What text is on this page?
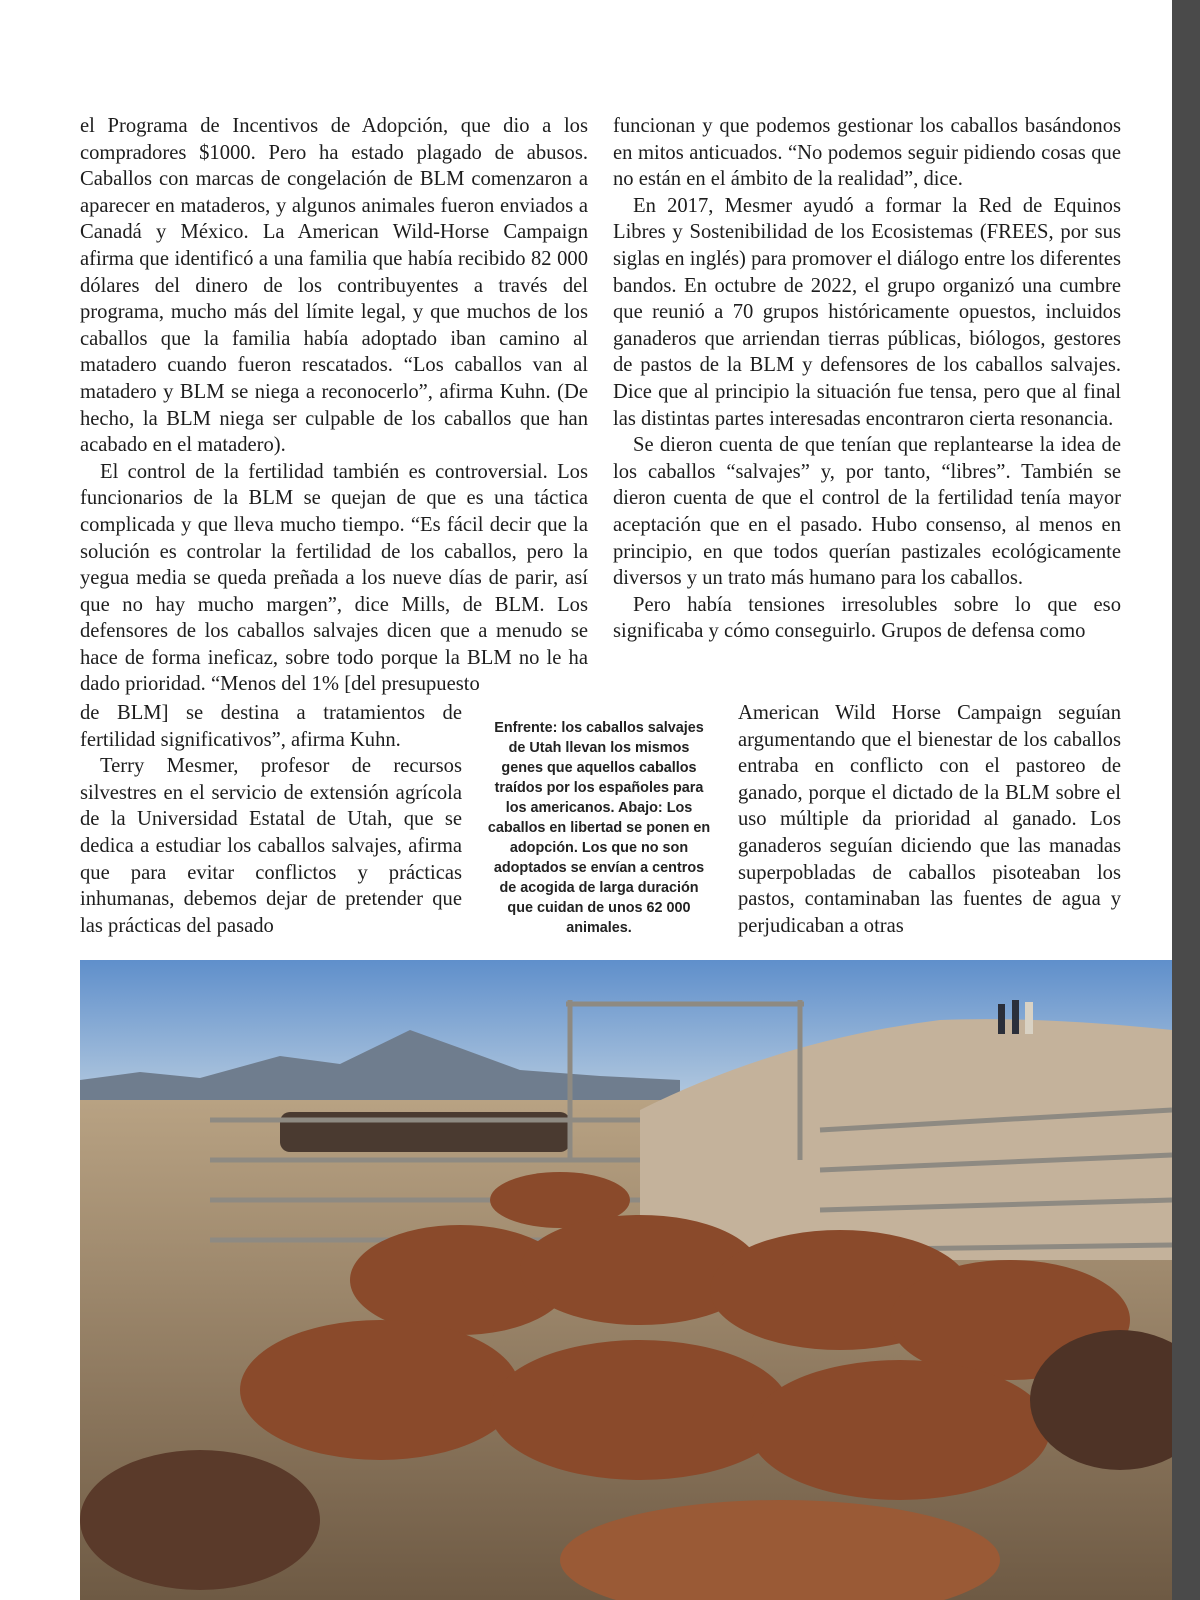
el Programa de Incentivos de Adopción, que dio a los compradores $1000. Pero ha estado plagado de abusos. Caballos con marcas de congelación de BLM comenzaron a aparecer en mataderos, y algunos animales fueron enviados a Canadá y México. La American Wild-Horse Campaign afirma que identificó a una familia que había recibido 82 000 dólares del dinero de los contribuyentes a través del programa, mucho más del límite legal, y que muchos de los caballos que la familia había adoptado iban camino al matadero cuando fueron rescatados. “Los caballos van al matadero y BLM se niega a reconocerlo”, afirma Kuhn. (De hecho, la BLM niega ser culpable de los caballos que han acabado en el matadero).

El control de la fertilidad también es controversial. Los funcionarios de la BLM se quejan de que es una táctica complicada y que lleva mucho tiempo. “Es fácil decir que la solución es controlar la fertilidad de los caballos, pero la yegua media se queda preñada a los nueve días de parir, así que no hay mucho margen”, dice Mills, de BLM. Los defensores de los caballos salvajes dicen que a menudo se hace de forma ineficaz, sobre todo porque la BLM no le ha dado prioridad. “Menos del 1% [del presupuesto

de BLM] se destina a tratamientos de fertilidad significativos”, afirma Kuhn.

Terry Mesmer, profesor de recursos silvestres en el servicio de extensión agrícola de la Universidad Estatal de Utah, que se dedica a estudiar los caballos salvajes, afirma que para evitar conflictos y prácticas inhumanas, debemos dejar de pretender que las prácticas del pasado

funcionan y que podemos gestionar los caballos basándonos en mitos anticuados. “No podemos seguir pidiendo cosas que no están en el ámbito de la realidad”, dice.

En 2017, Mesmer ayudó a formar la Red de Equinos Libres y Sostenibilidad de los Ecosistemas (FREES, por sus siglas en inglés) para promover el diálogo entre los diferentes bandos. En octubre de 2022, el grupo organizó una cumbre que reunió a 70 grupos históricamente opuestos, incluidos ganaderos que arriendan tierras públicas, biólogos, gestores de pastos de la BLM y defensores de los caballos salvajes. Dice que al principio la situación fue tensa, pero que al final las distintas partes interesadas encontraron cierta resonancia.

Se dieron cuenta de que tenían que replantearse la idea de los caballos “salvajes” y, por tanto, “libres”. También se dieron cuenta de que el control de la fertilidad tenía mayor aceptación que en el pasado. Hubo consenso, al menos en principio, en que todos querían pastizales ecológicamente diversos y un trato más humano para los caballos.

Pero había tensiones irresolubles sobre lo que eso significaba y cómo conseguirlo. Grupos de defensa como

American Wild Horse Campaign seguían argumentando que el bienestar de los caballos entraba en conflicto con el pastoreo de ganado, porque el dictado de la BLM sobre el uso múltiple da prioridad al ganado. Los ganaderos seguían diciendo que las manadas superpobladas de caballos pisoteaban los pastos, contaminaban las fuentes de agua y perjudicaban a otras

Enfrente: los caballos salvajes de Utah llevan los mismos genes que aquellos caballos traídos por los españoles para los americanos. Abajo: Los caballos en libertad se ponen en adopción. Los que no son adoptados se envían a centros de acogida de larga duración que cuidan de unos 62 000 animales.
